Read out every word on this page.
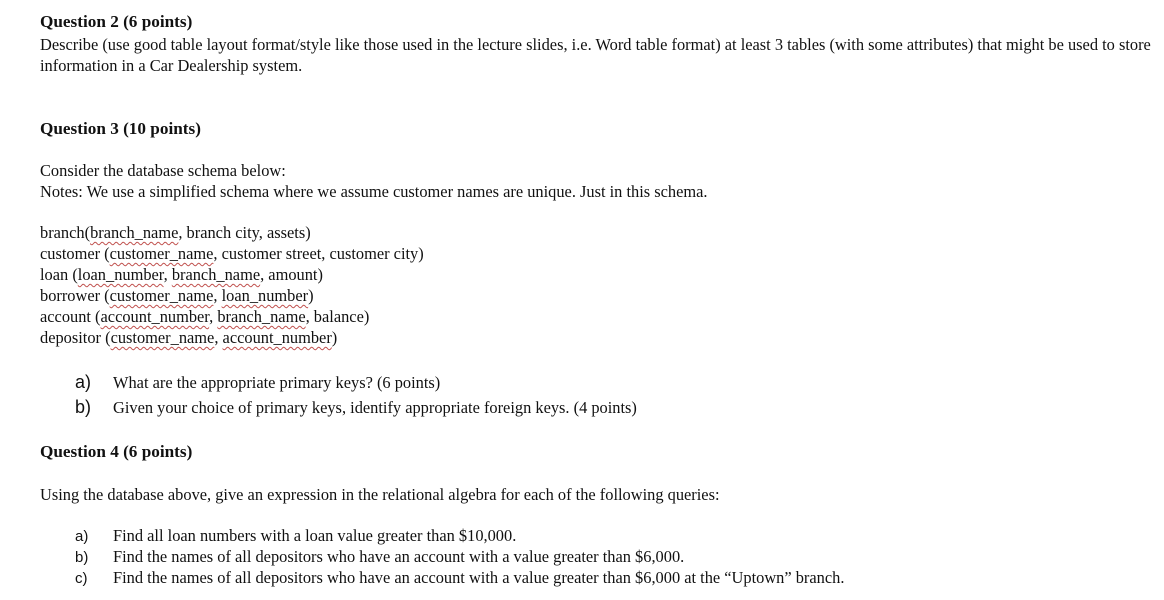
Question 2 (6 points)
Describe (use good table layout format/style like those used in the lecture slides, i.e. Word table format) at least 3 tables (with some attributes) that might be used to store information in a Car Dealership system.
Question 3 (10 points)
Consider the database schema below:
Notes: We use a simplified schema where we assume customer names are unique. Just in this schema.
branch(branch_name, branch city, assets)
customer (customer_name, customer street, customer city)
loan (loan_number, branch_name, amount)
borrower (customer_name, loan_number)
account (account_number, branch_name, balance)
depositor (customer_name, account_number)
a)	What are the appropriate primary keys? (6 points)
b)	Given your choice of primary keys, identify appropriate foreign keys. (4 points)
Question 4 (6 points)
Using the database above, give an expression in the relational algebra for each of the following queries:
a)	Find all loan numbers with a loan value greater than $10,000.
b)	Find the names of all depositors who have an account with a value greater than $6,000.
c)	Find the names of all depositors who have an account with a value greater than $6,000 at the “Uptown” branch.
